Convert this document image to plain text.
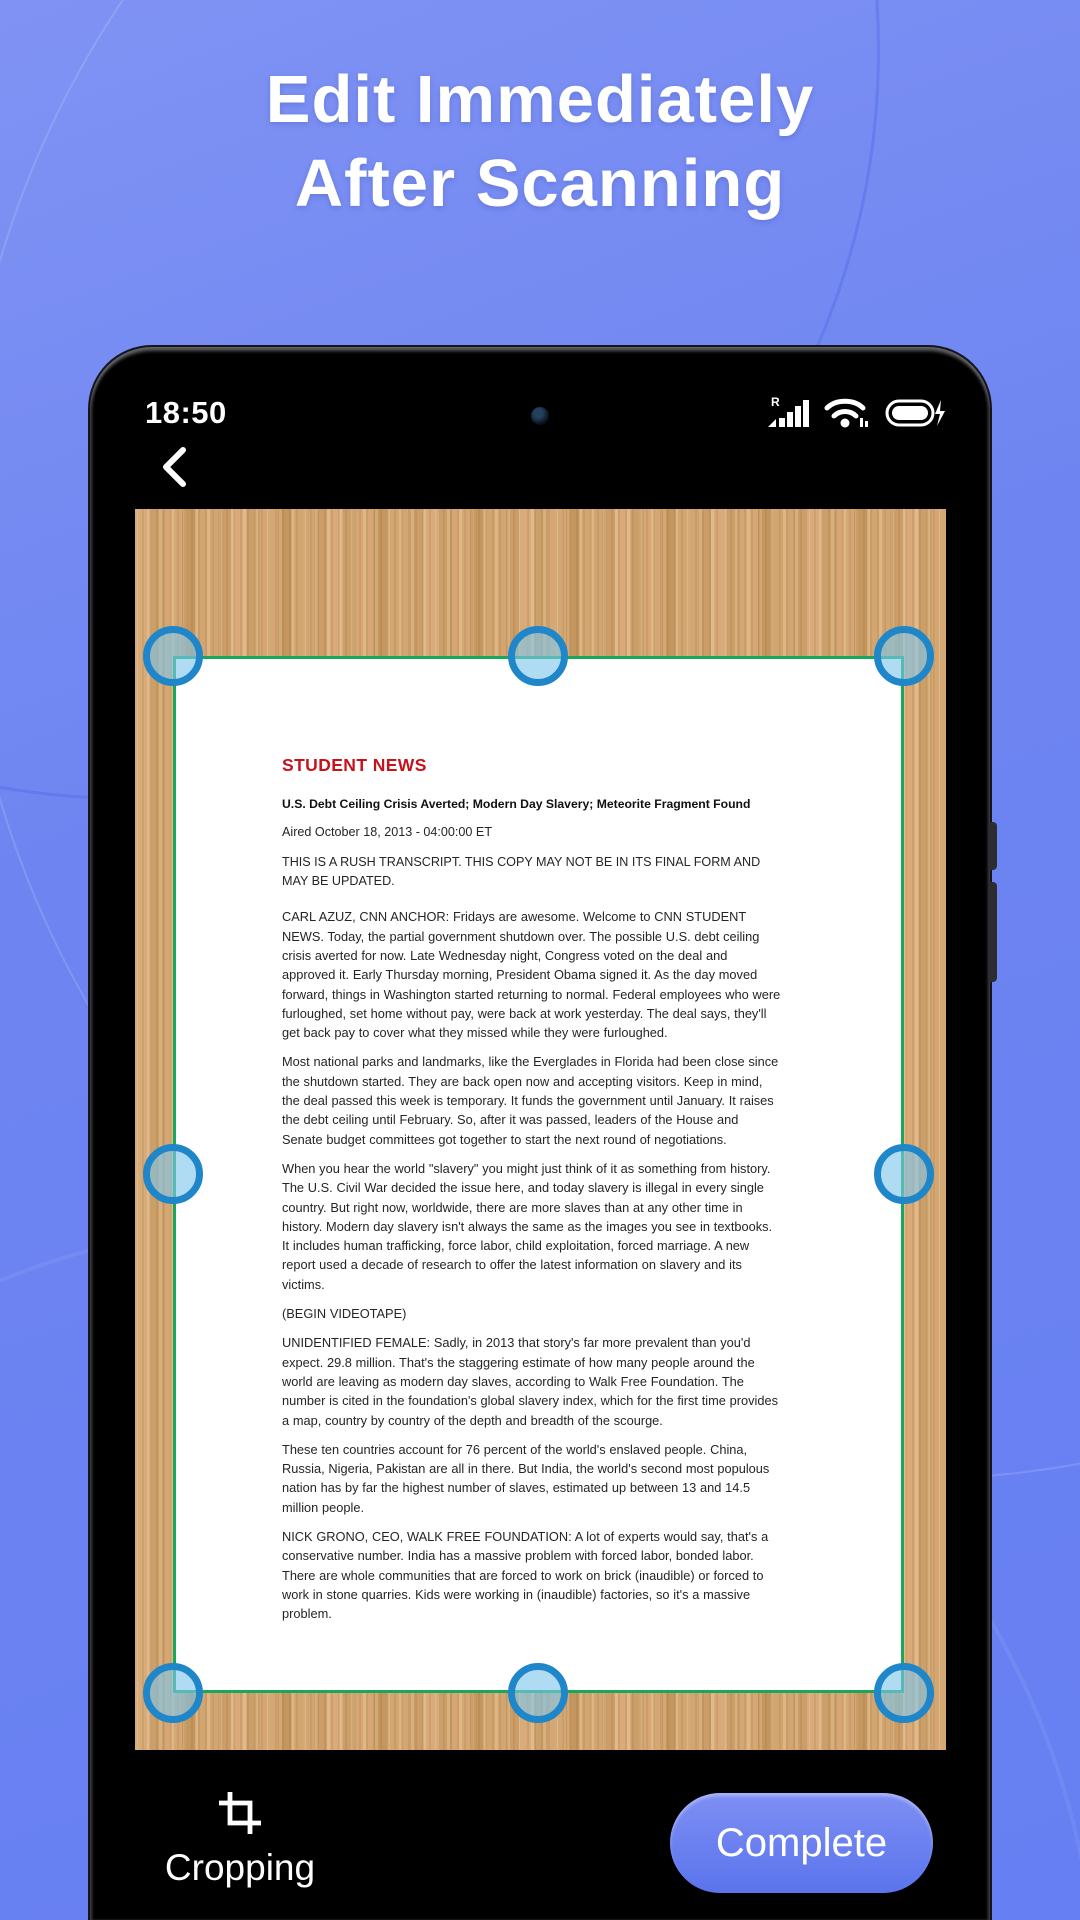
Edit Immediately
After Scanning
18:50	R
STUDENT NEWS
U.S. Debt Ceiling Crisis Averted; Modern Day Slavery; Meteorite Fragment Found
Aired October 18, 2013 - 04:00:00 ET
THIS IS A RUSH TRANSCRIPT. THIS COPY MAY NOT BE IN ITS FINAL FORM AND MAY BE UPDATED.

CARL AZUZ, CNN ANCHOR: Fridays are awesome. Welcome to CNN STUDENT NEWS. Today, the partial government shutdown over. The possible U.S. debt ceiling crisis averted for now. Late Wednesday night, Congress voted on the deal and approved it. Early Thursday morning, President Obama signed it. As the day moved forward, things in Washington started returning to normal. Federal employees who were furloughed, set home without pay, were back at work yesterday. The deal says, they'll get back pay to cover what they missed while they were furloughed.

Most national parks and landmarks, like the Everglades in Florida had been close since the shutdown started. They are back open now and accepting visitors. Keep in mind, the deal passed this week is temporary. It funds the government until January. It raises the debt ceiling until February. So, after it was passed, leaders of the House and Senate budget committees got together to start the next round of negotiations.

When you hear the world "slavery" you might just think of it as something from history. The U.S. Civil War decided the issue here, and today slavery is illegal in every single country. But right now, worldwide, there are more slaves than at any other time in history. Modern day slavery isn't always the same as the images you see in textbooks. It includes human trafficking, force labor, child exploitation, forced marriage. A new report used a decade of research to offer the latest information on slavery and its victims.

(BEGIN VIDEOTAPE)

UNIDENTIFIED FEMALE: Sadly, in 2013 that story's far more prevalent than you'd expect. 29.8 million. That's the staggering estimate of how many people around the world are leaving as modern day slaves, according to Walk Free Foundation. The number is cited in the foundation's global slavery index, which for the first time provides a map, country by country of the depth and breadth of the scourge.

These ten countries account for 76 percent of the world's enslaved people. China, Russia, Nigeria, Pakistan are all in there. But India, the world's second most populous nation has by far the highest number of slaves, estimated up between 13 and 14.5 million people.

NICK GRONO, CEO, WALK FREE FOUNDATION: A lot of experts would say, that's a conservative number. India has a massive problem with forced labor, bonded labor. There are whole communities that are forced to work on brick (inaudible) or forced to work in stone quarries. Kids were working in (inaudible) factories, so it's a massive problem.

Cropping
Complete
